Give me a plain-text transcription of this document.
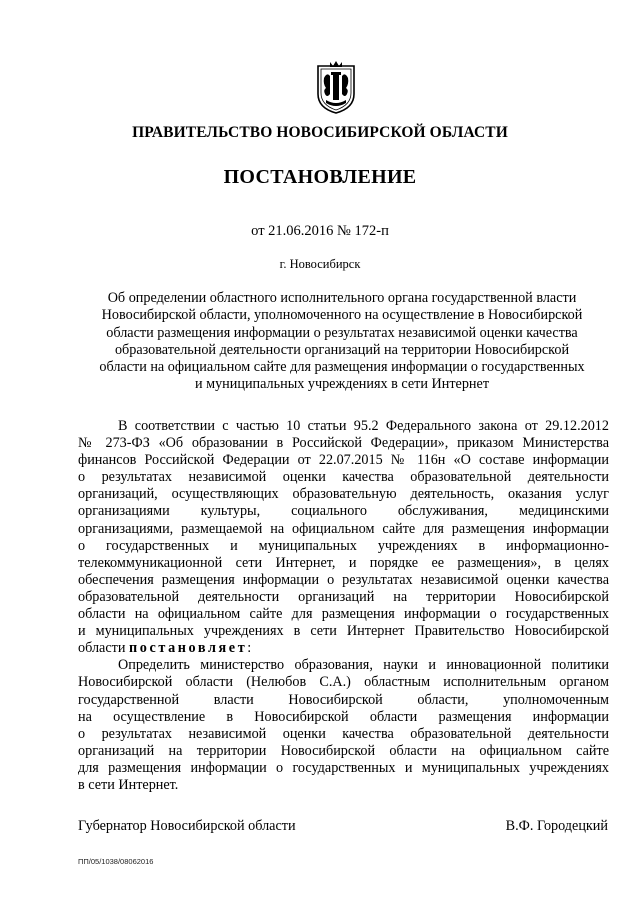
ПРАВИТЕЛЬСТВО НОВОСИБИРСКОЙ ОБЛАСТИ
ПОСТАНОВЛЕНИЕ
от 21.06.2016 № 172-п
г. Новосибирск
Об определении областного исполнительного органа государственной власти
Новосибирской области, уполномоченного на осуществление в Новосибирской
области размещения информации о результатах независимой оценки качества
образовательной деятельности организаций на территории Новосибирской
области на официальном сайте для размещения информации о государственных
и муниципальных учреждениях в сети Интернет
В соответствии с частью 10 статьи 95.2 Федерального закона от 29.12.2012
№ 273-ФЗ «Об образовании в Российской Федерации», приказом Министерства
финансов Российской Федерации от 22.07.2015 № 116н «О составе информации
о результатах независимой оценки качества образовательной деятельности
организаций, осуществляющих образовательную деятельность, оказания услуг
организациями культуры, социального обслуживания, медицинскими
организациями, размещаемой на официальном сайте для размещения информации
о государственных и муниципальных учреждениях в информационно-
телекоммуникационной сети Интернет, и порядке ее размещения», в целях
обеспечения размещения информации о результатах независимой оценки качества
образовательной деятельности организаций на территории Новосибирской
области на официальном сайте для размещения информации о государственных
и муниципальных учреждениях в сети Интернет Правительство Новосибирской
области постановляет:
Определить министерство образования, науки и инновационной политики
Новосибирской области (Нелюбов С.А.) областным исполнительным органом
государственной власти Новосибирской области, уполномоченным
на осуществление в Новосибирской области размещения информации
о результатах независимой оценки качества образовательной деятельности
организаций на территории Новосибирской области на официальном сайте
для размещения информации о государственных и муниципальных учреждениях
в сети Интернет.
Губернатор Новосибирской области	В.Ф. Городецкий
ПП/05/1038/08062016
